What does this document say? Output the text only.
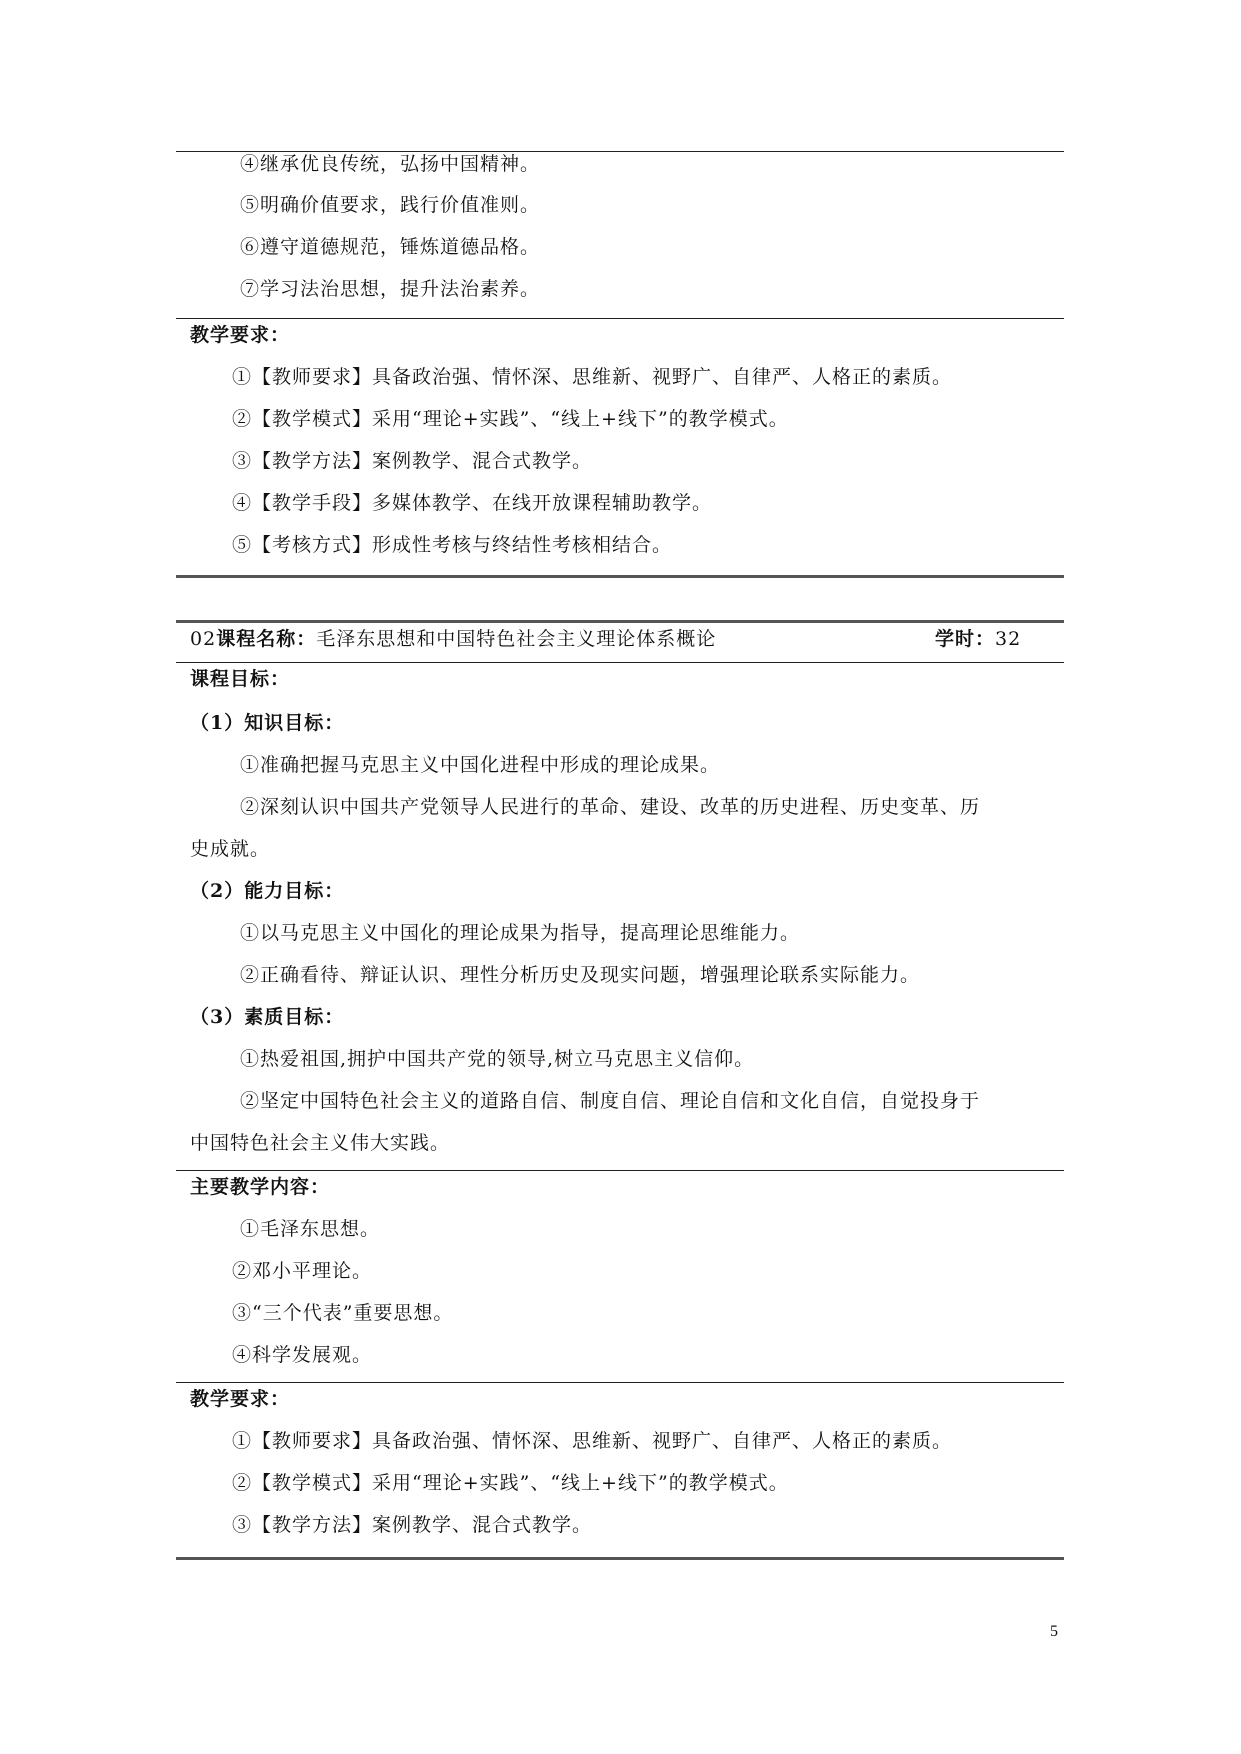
④继承优良传统，弘扬中国精神。
⑤明确价值要求，践行价值准则。
⑥遵守道德规范，锤炼道德品格。
⑦学习法治思想，提升法治素养。
教学要求：
①【教师要求】具备政治强、情怀深、思维新、视野广、自律严、人格正的素质。
②【教学模式】采用“理论+实践”、“线上+线下”的教学模式。
③【教学方法】案例教学、混合式教学。
④【教学手段】多媒体教学、在线开放课程辅助教学。
⑤【考核方式】形成性考核与终结性考核相结合。
02课程名称：毛泽东思想和中国特色社会主义理论体系概论	学时：32
课程目标：
（1）知识目标：
①准确把握马克思主义中国化进程中形成的理论成果。
②深刻认识中国共产党领导人民进行的革命、建设、改革的历史进程、历史变革、历
史成就。
（2）能力目标：
①以马克思主义中国化的理论成果为指导，提高理论思维能力。
②正确看待、辩证认识、理性分析历史及现实问题，增强理论联系实际能力。
（3）素质目标：
①热爱祖国,拥护中国共产党的领导,树立马克思主义信仰。
②坚定中国特色社会主义的道路自信、制度自信、理论自信和文化自信，自觉投身于
中国特色社会主义伟大实践。
主要教学内容：
①毛泽东思想。
②邓小平理论。
③“三个代表”重要思想。
④科学发展观。
教学要求：
①【教师要求】具备政治强、情怀深、思维新、视野广、自律严、人格正的素质。
②【教学模式】采用“理论+实践”、“线上+线下”的教学模式。
③【教学方法】案例教学、混合式教学。
5
